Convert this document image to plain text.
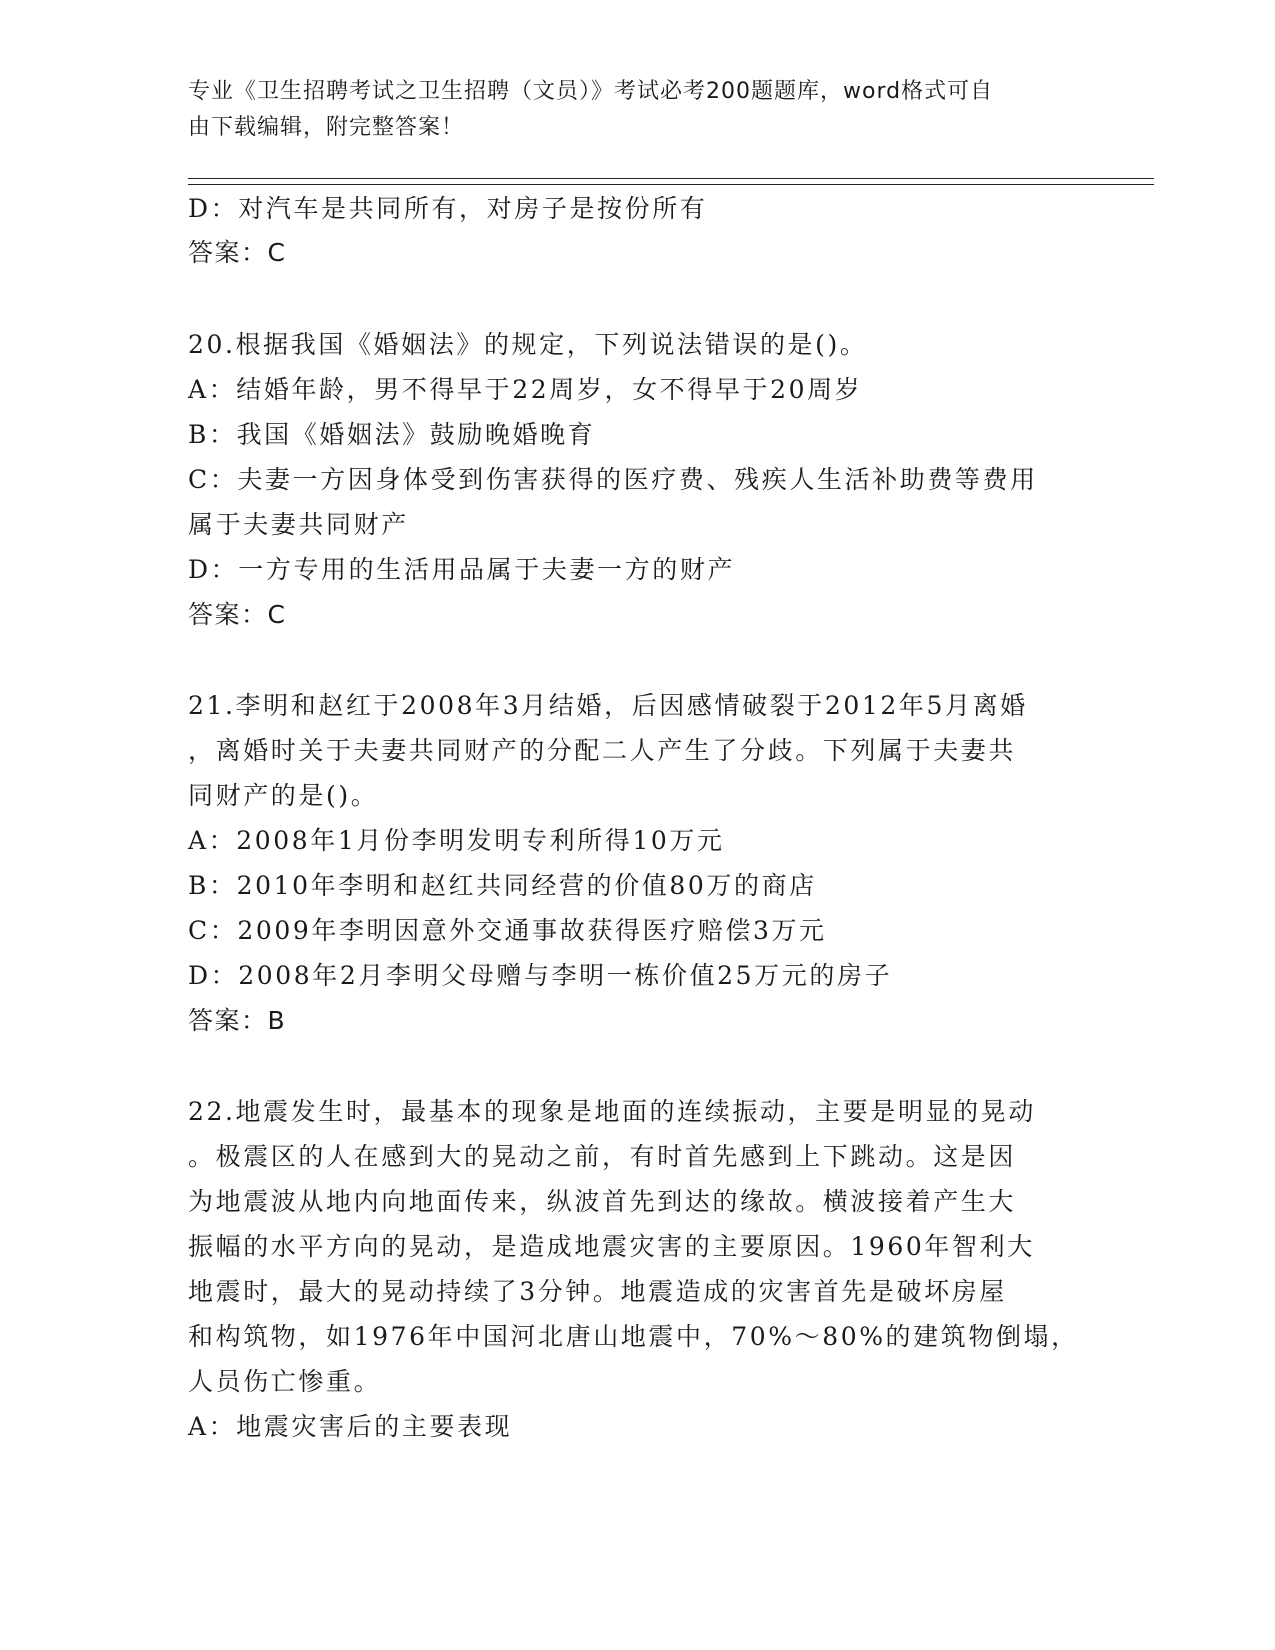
专业《卫生招聘考试之卫生招聘（文员）》考试必考200题题库，word格式可自
由下载编辑，附完整答案！
D：对汽车是共同所有，对房子是按份所有
答案：C
20.根据我国《婚姻法》的规定，下列说法错误的是()。
A：结婚年龄，男不得早于22周岁，女不得早于20周岁
B：我国《婚姻法》鼓励晚婚晚育
C：夫妻一方因身体受到伤害获得的医疗费、残疾人生活补助费等费用
属于夫妻共同财产
D：一方专用的生活用品属于夫妻一方的财产
答案：C
21.李明和赵红于2008年3月结婚，后因感情破裂于2012年5月离婚
，离婚时关于夫妻共同财产的分配二人产生了分歧。下列属于夫妻共
同财产的是()。
A：2008年1月份李明发明专利所得10万元
B：2010年李明和赵红共同经营的价值80万的商店
C：2009年李明因意外交通事故获得医疗赔偿3万元
D：2008年2月李明父母赠与李明一栋价值25万元的房子
答案：B
22.地震发生时，最基本的现象是地面的连续振动，主要是明显的晃动
。极震区的人在感到大的晃动之前，有时首先感到上下跳动。这是因
为地震波从地内向地面传来，纵波首先到达的缘故。横波接着产生大
振幅的水平方向的晃动，是造成地震灾害的主要原因。1960年智利大
地震时，最大的晃动持续了3分钟。地震造成的灾害首先是破坏房屋
和构筑物，如1976年中国河北唐山地震中，70%～80%的建筑物倒塌，
人员伤亡惨重。
A：地震灾害后的主要表现
